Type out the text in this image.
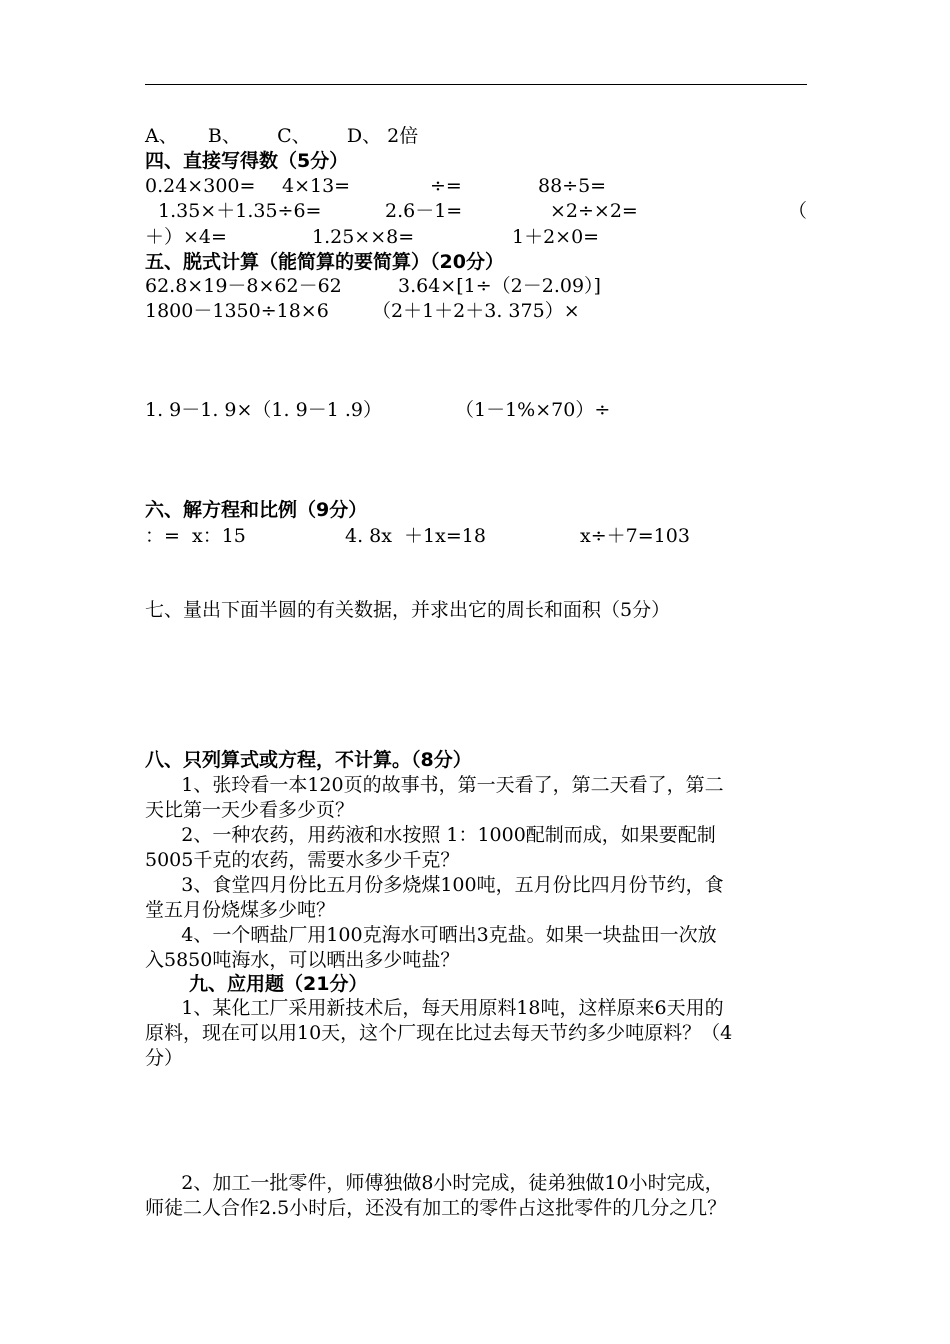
A、     B、      C、      D、 2倍
四、直接写得数（5分）
0.24×300= 4×13=	÷=	88÷5=
1.35×＋1.35÷6=	2.6－1=	×2÷×2=	（
＋）×4=	1.25××8=	1＋2×0=
五、脱式计算（能简算的要简算）（20分）
62.8×19－8×62－62	3.64×[1÷（2－2.09）]
1800－1350÷18×6 （2＋1＋2＋3. 375）×
1. 9－1. 9×（1. 9－1 .9）	（1－1%×70）÷
六、解方程和比例（9分）
：=  x：15	4. 8x  ＋1x=18	x÷＋7=103
七、量出下面半圆的有关数据，并求出它的周长和面积（5分）
八、只列算式或方程，不计算。（8分）
1、张玲看一本120页的故事书，第一天看了，第二天看了，第二
天比第一天少看多少页？
2、一种农药，用药液和水按照 1：1000配制而成，如果要配制
5005千克的农药，需要水多少千克？
3、食堂四月份比五月份多烧煤100吨，五月份比四月份节约，食
堂五月份烧煤多少吨？
4、一个晒盐厂用100克海水可晒出3克盐。如果一块盐田一次放
入5850吨海水，可以晒出多少吨盐？
九、应用题（21分）
1、某化工厂采用新技术后，每天用原料18吨，这样原来6天用的
原料，现在可以用10天，这个厂现在比过去每天节约多少吨原料？（4
分）
2、加工一批零件，师傅独做8小时完成，徒弟独做10小时完成，
师徒二人合作2.5小时后，还没有加工的零件占这批零件的几分之几？
